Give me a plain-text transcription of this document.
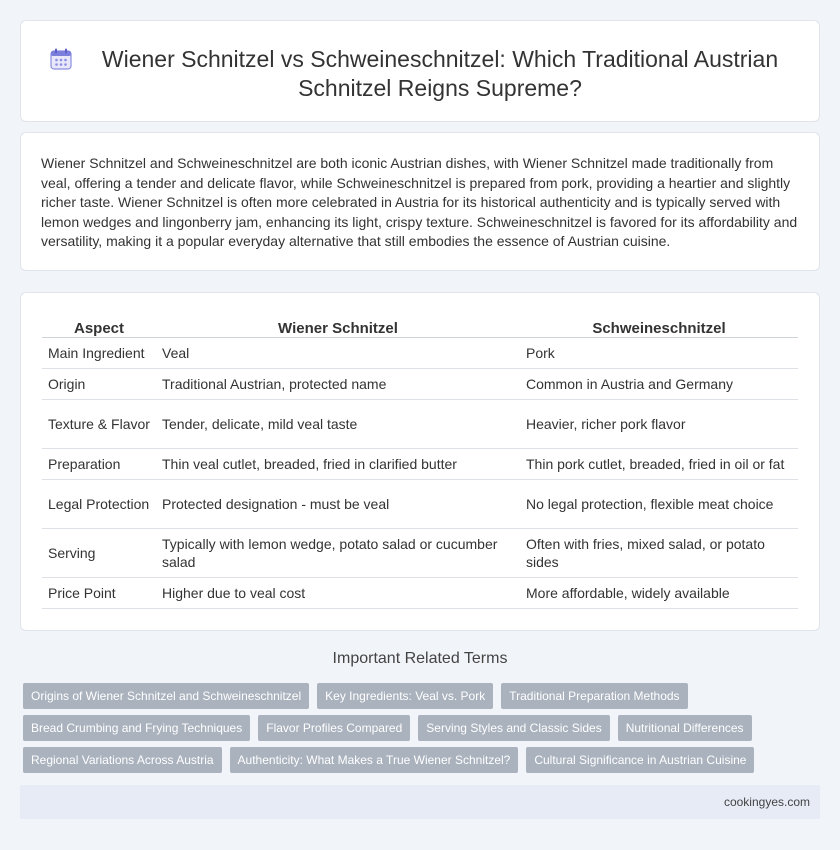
Wiener Schnitzel vs Schweineschnitzel: Which Traditional Austrian Schnitzel Reigns Supreme?

Wiener Schnitzel and Schweineschnitzel are both iconic Austrian dishes, with Wiener Schnitzel made traditionally from veal, offering a tender and delicate flavor, while Schweineschnitzel is prepared from pork, providing a heartier and slightly richer taste. Wiener Schnitzel is often more celebrated in Austria for its historical authenticity and is typically served with lemon wedges and lingonberry jam, enhancing its light, crispy texture. Schweineschnitzel is favored for its affordability and versatility, making it a popular everyday alternative that still embodies the essence of Austrian cuisine.

Aspect	Wiener Schnitzel	Schweineschnitzel
Main Ingredient	Veal	Pork
Origin	Traditional Austrian, protected name	Common in Austria and Germany
Texture & Flavor	Tender, delicate, mild veal taste	Heavier, richer pork flavor
Preparation	Thin veal cutlet, breaded, fried in clarified butter	Thin pork cutlet, breaded, fried in oil or fat
Legal Protection	Protected designation - must be veal	No legal protection, flexible meat choice
Serving	Typically with lemon wedge, potato salad or cucumber salad	Often with fries, mixed salad, or potato sides
Price Point	Higher due to veal cost	More affordable, widely available
Important Related Terms
Origins of Wiener Schnitzel and Schweineschnitzel	Key Ingredients: Veal vs. Pork	Traditional Preparation Methods
Bread Crumbing and Frying Techniques	Flavor Profiles Compared	Serving Styles and Classic Sides	Nutritional Differences
Regional Variations Across Austria	Authenticity: What Makes a True Wiener Schnitzel?	Cultural Significance in Austrian Cuisine
cookingyes.com
